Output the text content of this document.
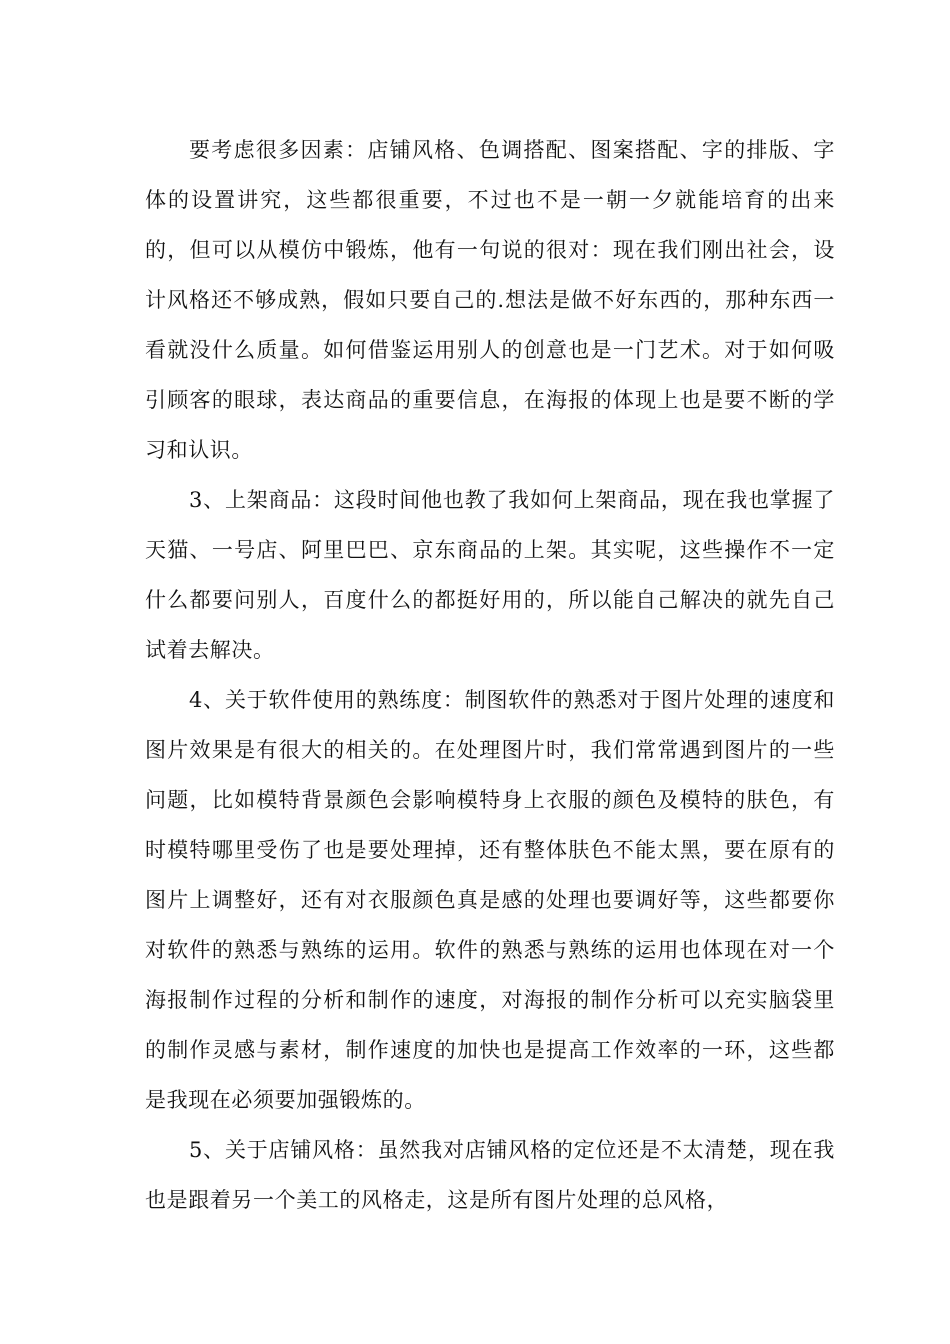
要考虑很多因素：店铺风格、色调搭配、图案搭配、字的排版、字体的设置讲究，这些都很重要，不过也不是一朝一夕就能培育的出来的，但可以从模仿中锻炼，他有一句说的很对：现在我们刚出社会，设计风格还不够成熟，假如只要自己的.想法是做不好东西的，那种东西一看就没什么质量。如何借鉴运用别人的创意也是一门艺术。对于如何吸引顾客的眼球，表达商品的重要信息，在海报的体现上也是要不断的学习和认识。

3、上架商品：这段时间他也教了我如何上架商品，现在我也掌握了天猫、一号店、阿里巴巴、京东商品的上架。其实呢，这些操作不一定什么都要问别人，百度什么的都挺好用的，所以能自己解决的就先自己试着去解决。

4、关于软件使用的熟练度：制图软件的熟悉对于图片处理的速度和图片效果是有很大的相关的。在处理图片时，我们常常遇到图片的一些问题，比如模特背景颜色会影响模特身上衣服的颜色及模特的肤色，有时模特哪里受伤了也是要处理掉，还有整体肤色不能太黑，要在原有的图片上调整好，还有对衣服颜色真是感的处理也要调好等，这些都要你对软件的熟悉与熟练的运用。软件的熟悉与熟练的运用也体现在对一个海报制作过程的分析和制作的速度，对海报的制作分析可以充实脑袋里的制作灵感与素材，制作速度的加快也是提高工作效率的一环，这些都是我现在必须要加强锻炼的。

5、关于店铺风格：虽然我对店铺风格的定位还是不太清楚，现在我也是跟着另一个美工的风格走，这是所有图片处理的总风格，
